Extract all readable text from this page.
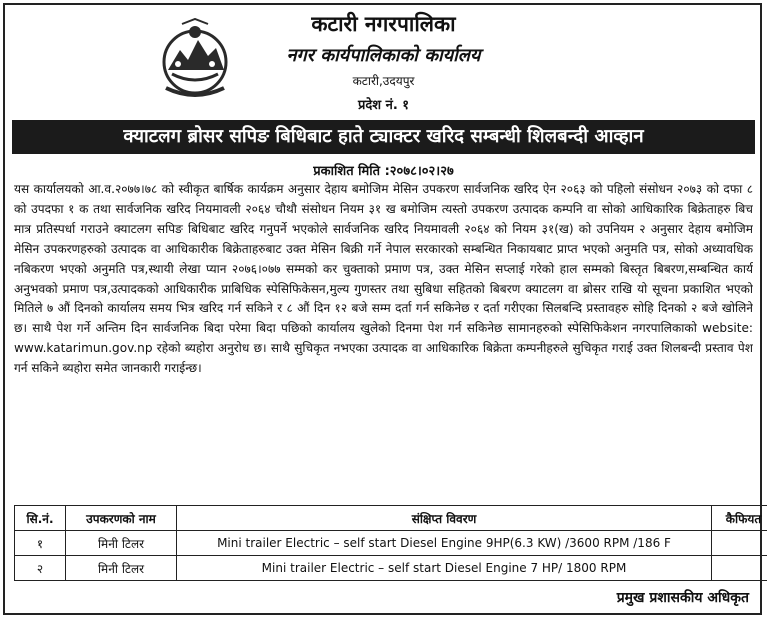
कटारी नगरपालिका
नगर कार्यपालिकाको कार्यालय
कटारी,उदयपुर
प्रदेश नं. १
क्याटलग ब्रोसर सपिङ बिधिबाट हाते ट्याक्टर खरिद सम्बन्धी शिलबन्दी आव्हान
प्रकाशित मिति :२०७८।०२।२७
यस कार्यालयको आ.व.२०७७।७८ को स्वीकृत बार्षिक कार्यक्रम अनुसार देहाय बमोजिम मेसिन उपकरण सार्वजनिक खरिद ऐन २०६३ को पहिलो संसोधन २०७३ को दफा ८ को उपदफा १ क तथा सार्वजनिक खरिद नियमावली २०६४ चौथौ संसोधन नियम ३१ ख बमोजिम त्यस्तो उपकरण उत्पादक कम्पनि वा सोको आधिकारिक बिक्रेताहरु बिच मात्र प्रतिस्पर्धा गराउने क्याटलग सपिङ बिधिबाट खरिद गनुपर्ने भएकोले सार्वजनिक खरिद नियमावली २०६४ को नियम ३१(ख) को उपनियम २ अनुसार देहाय बमोजिम मेसिन उपकरणहरुको उत्पादक वा आधिकारीक बिक्रेताहरुबाट उक्त मेसिन बिक्री गर्ने नेपाल सरकारको सम्बन्धित निकायबाट प्राप्त भएको अनुमति पत्र, सोको अध्यावधिक नबिकरण भएको अनुमति पत्र,स्थायी लेखा प्यान २०७६।०७७ सम्मको कर चुक्ताको प्रमाण पत्र, उक्त मेसिन सप्लाई गरेको हाल सम्मको बिस्तृत बिबरण,सम्बन्धित कार्य अनुभवको प्रमाण पत्र,उत्पादकको आधिकारीक प्राबिधिक स्पेसिफिकेसन,मुल्य गुणस्तर तथा सुबिधा सहितको बिबरण क्याटलग वा ब्रोसर राखि यो सूचना प्रकाशित भएको मितिले ७ औं दिनको कार्यालय समय भित्र खरिद गर्न सकिने र ८ औं दिन १२ बजे सम्म दर्ता गर्न सकिनेछ र दर्ता गरीएका सिलबन्दि प्रस्तावहरु सोहि दिनको २ बजे खोलिने छ। साथै पेश गर्ने अन्तिम दिन सार्वजनिक बिदा परेमा बिदा पछिको कार्यालय खुलेको दिनमा पेश गर्न सकिनेछ सामानहरुको स्पेसिफिकेशन नगरपालिकाको website: www.katarimun.gov.np रहेको ब्यहोरा अनुरोध छ। साथै सुचिकृत नभएका उत्पादक वा आधिकारिक बिक्रेता कम्पनीहरुले सुचिकृत गराई उक्त शिलबन्दी प्रस्ताव पेश गर्न सकिने ब्यहोरा समेत जानकारी गराईन्छ।
सि.नं.	उपकरणको नाम	संक्षिप्त विवरण	कैफियत
१	मिनी टिलर	Mini trailer Electric – self start Diesel Engine 9HP(6.3 KW) /3600 RPM /186 F	
२	मिनी टिलर	Mini trailer Electric – self start Diesel Engine 7 HP/ 1800 RPM	
प्रमुख प्रशासकीय अधिकृत
